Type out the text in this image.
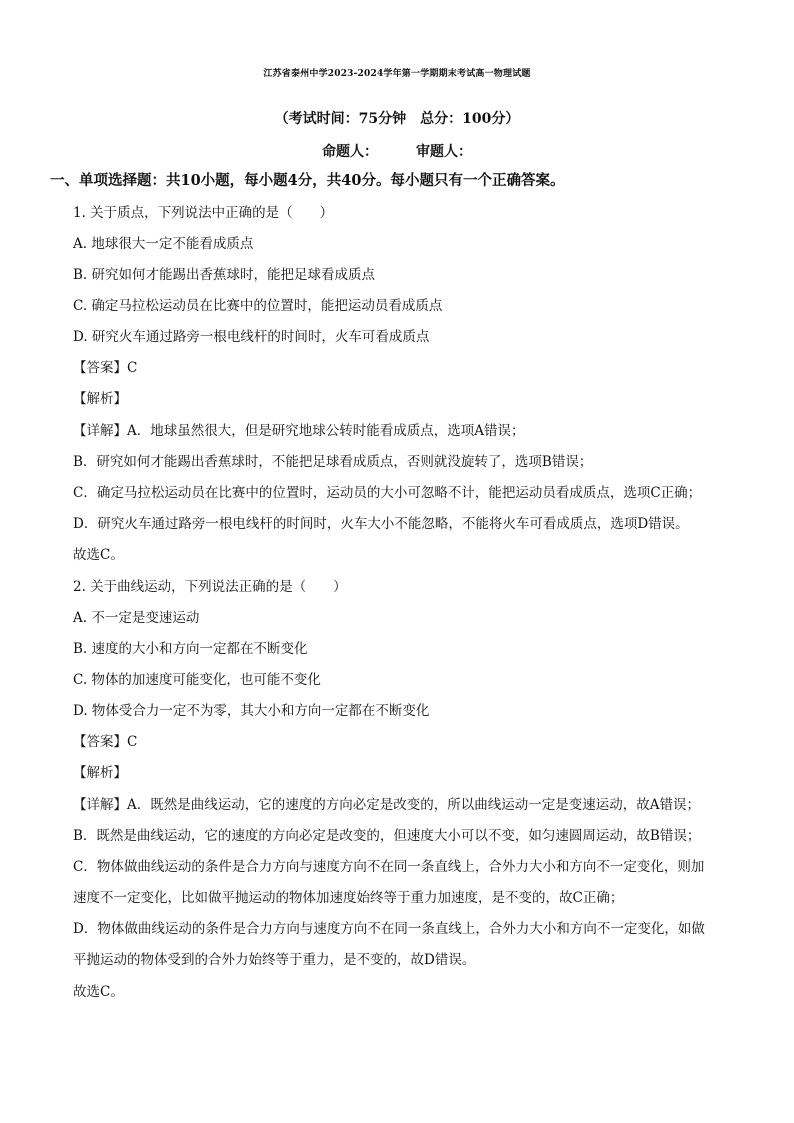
江苏省泰州中学2023-2024学年第一学期期末考试高一物理试题
（考试时间：75分钟　总分：100分）
命题人：	审题人：
一、单项选择题：共10小题，每小题4分，共40分。每小题只有一个正确答案。
1. 关于质点，下列说法中正确的是（　　）
A. 地球很大一定不能看成质点
B. 研究如何才能踢出香蕉球时，能把足球看成质点
C. 确定马拉松运动员在比赛中的位置时，能把运动员看成质点
D. 研究火车通过路旁一根电线杆的时间时，火车可看成质点
【答案】C
【解析】
【详解】A．地球虽然很大，但是研究地球公转时能看成质点，选项A错误；
B．研究如何才能踢出香蕉球时，不能把足球看成质点，否则就没旋转了，选项B错误；
C．确定马拉松运动员在比赛中的位置时，运动员的大小可忽略不计，能把运动员看成质点，选项C正确；
D．研究火车通过路旁一根电线杆的时间时，火车大小不能忽略，不能将火车可看成质点，选项D错误。
故选C。
2. 关于曲线运动，下列说法正确的是（　　）
A. 不一定是变速运动
B. 速度的大小和方向一定都在不断变化
C. 物体的加速度可能变化，也可能不变化
D. 物体受合力一定不为零，其大小和方向一定都在不断变化
【答案】C
【解析】
【详解】A．既然是曲线运动，它的速度的方向必定是改变的，所以曲线运动一定是变速运动，故A错误；
B．既然是曲线运动，它的速度的方向必定是改变的，但速度大小可以不变，如匀速圆周运动，故B错误；
C．物体做曲线运动的条件是合力方向与速度方向不在同一条直线上，合外力大小和方向不一定变化，则加
速度不一定变化，比如做平抛运动的物体加速度始终等于重力加速度，是不变的，故C正确；
D．物体做曲线运动的条件是合力方向与速度方向不在同一条直线上，合外力大小和方向不一定变化，如做
平抛运动的物体受到的合外力始终等于重力，是不变的，故D错误。
故选C。
